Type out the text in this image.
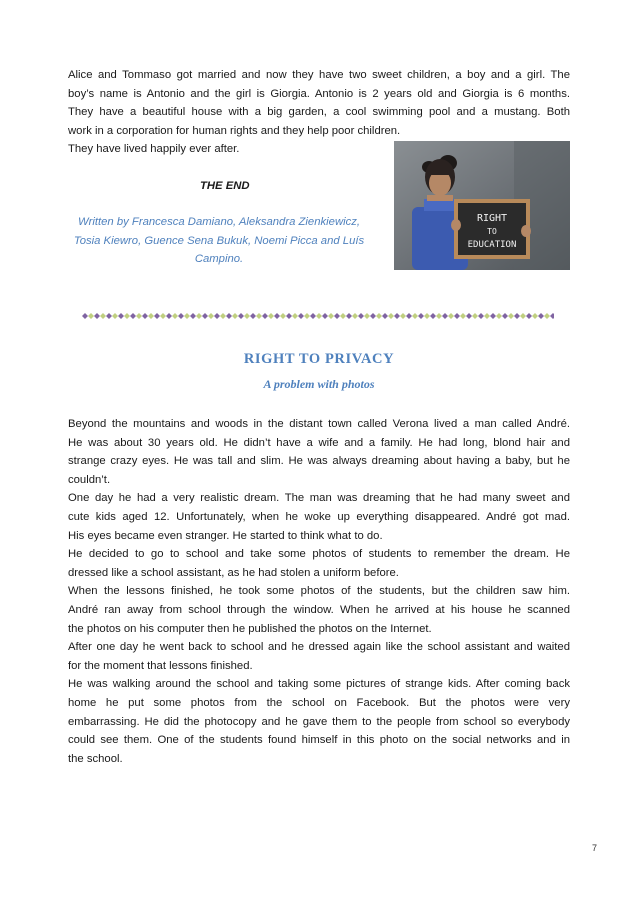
Alice and Tommaso got married and now they have two sweet children, a boy and a girl. The
boy’s name is Antonio and the girl is Giorgia. Antonio is 2 years old and Giorgia is 6 months.
They have a beautiful house with a big garden, a cool swimming pool and a mustang. Both
work in a corporation for human rights and they help poor children.
They have lived happily ever after.

THE END

Written by Francesca Damiano, Aleksandra Zienkiewicz,
Tosia Kiewro, Guence Sena Bukuk, Noemi Picca and Luís
Campino.
RIGHT
TO
EDUCATION

RIGHT TO PRIVACY

A problem with photos

Beyond the mountains and woods in the distant town called Verona lived a man called André.
He was about 30 years old. He didn’t have a wife and a family. He had long, blond hair and
strange crazy eyes. He was tall and slim. He was always dreaming about having a baby, but he
couldn’t.
One day he had a very realistic dream. The man was dreaming that he had many sweet and
cute kids aged 12. Unfortunately, when he woke up everything disappeared. André got mad.
His eyes became even stranger. He started to think what to do.
He decided to go to school and take some photos of students to remember the dream. He
dressed like a school assistant, as he had stolen a uniform before.
When the lessons finished, he took some photos of the students, but the children saw him.
André ran away from school through the window. When he arrived at his house he scanned
the photos on his computer then he published the photos on the Internet.
After one day he went back to school and he dressed again like the school assistant and waited
for the moment that lessons finished.
He was walking around the school and taking some pictures of strange kids. After coming back
home he put some photos from the school on Facebook. But the photos were very
embarrassing. He did the photocopy and he gave them to the people from school so everybody
could see them. One of the students found himself in this photo on the social networks and in
the school.
7
